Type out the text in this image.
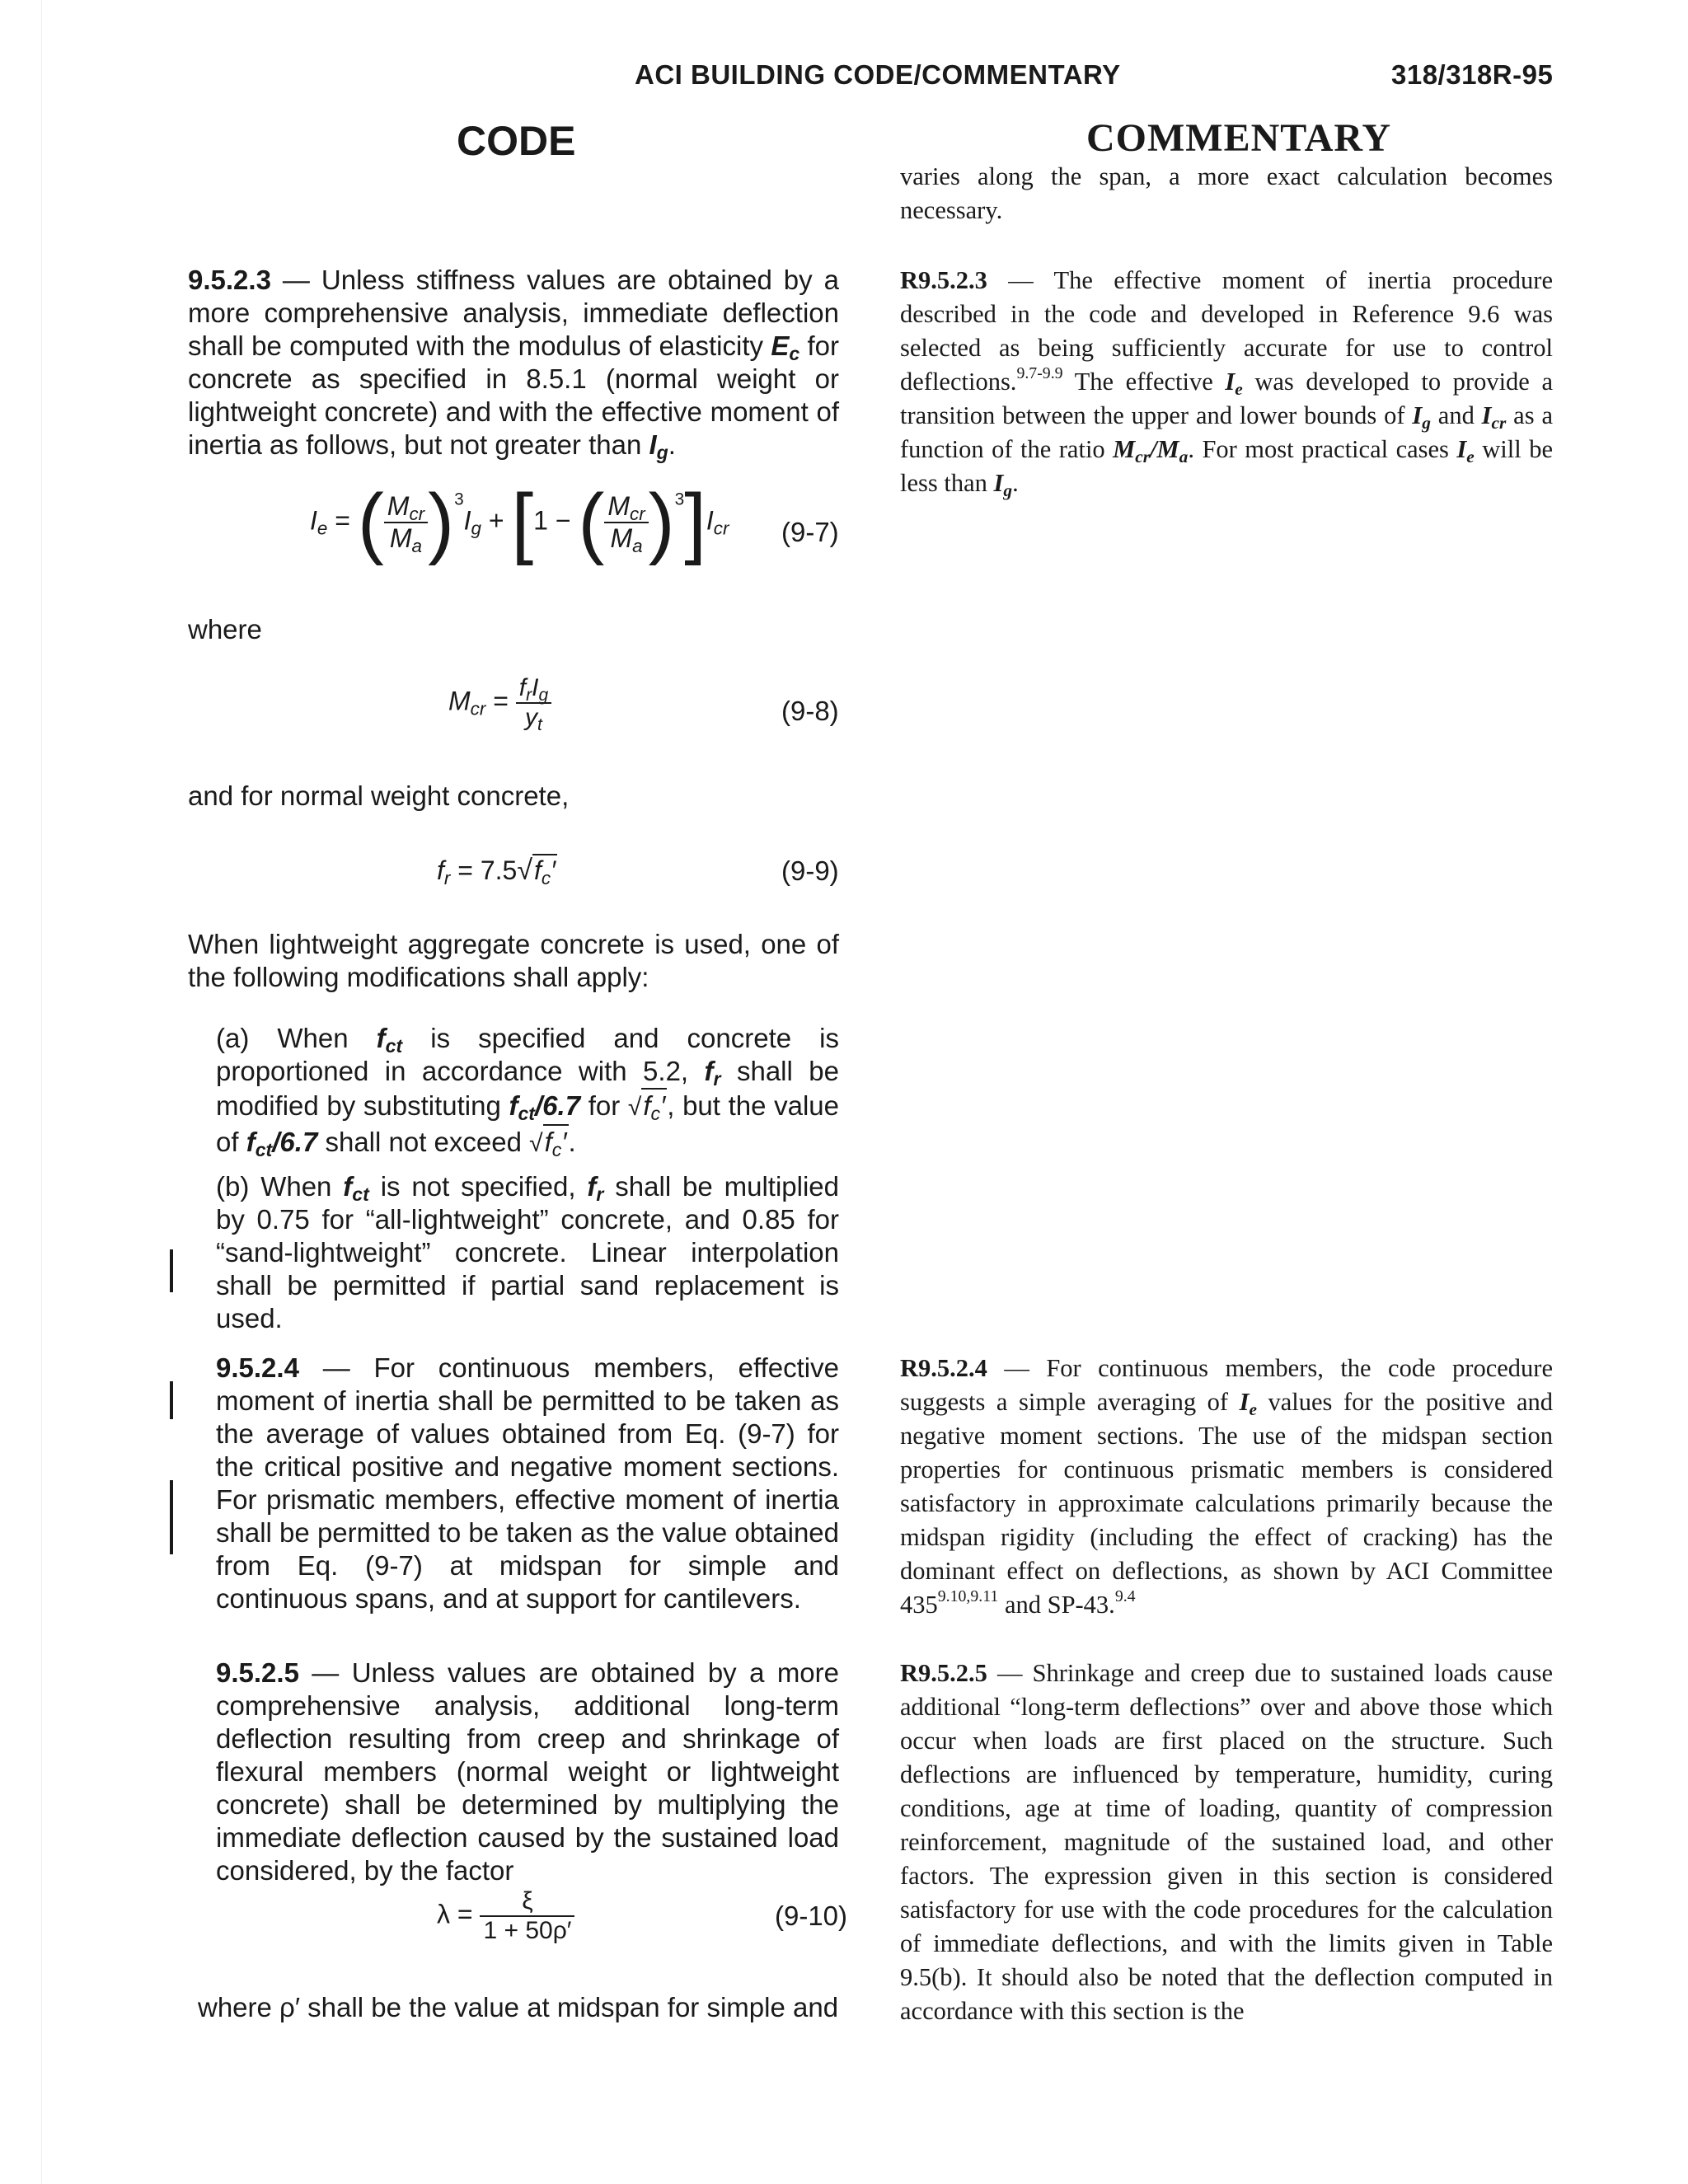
ACI BUILDING CODE/COMMENTARY	318/318R-95
CODE	COMMENTARY

varies along the span, a more exact calculation becomes necessary.

R9.5.2.3 — The effective moment of inertia procedure described in the code and developed in Reference 9.6 was selected as being sufficiently accurate for use to control deflections.$^{9.7-9.9}$ The effective $I_e$ was developed to provide a transition between the upper and lower bounds of $I_g$ and $I_{cr}$ as a function of the ratio $M_{cr}/M_a$. For most practical cases $I_e$ will be less than $I_g$.

R9.5.2.4 — For continuous members, the code procedure suggests a simple averaging of $I_e$ values for the positive and negative moment sections. The use of the midspan section properties for continuous prismatic members is considered satisfactory in approximate calculations primarily because the midspan rigidity (including the effect of cracking) has the dominant effect on deflections, as shown by ACI Committee $435^{9.10,9.11}$ and SP-43.$^{9.4}$

R9.5.2.5 — Shrinkage and creep due to sustained loads cause additional “long-term deflections” over and above those which occur when loads are first placed on the structure. Such deflections are influenced by temperature, humidity, curing conditions, age at time of loading, quantity of compression reinforcement, magnitude of the sustained load, and other factors. The expression given in this section is considered satisfactory for use with the code procedures for the calculation of immediate deflections, and with the limits given in Table 9.5(b). It should also be noted that the deflection computed in accordance with this section is the

9.5.2.3 — Unless stiffness values are obtained by a more comprehensive analysis, immediate deflection shall be computed with the modulus of elasticity $E_c$ for concrete as specified in 8.5.1 (normal weight or lightweight concrete) and with the effective moment of inertia as follows, but not greater than $I_g$.

$I_e$ = ( $\frac{M_{cr}}{M_a} )^3I_g + [1$ − ( $\frac{M_{cr}}{M_a} )^3]I_{cr}$ (9-7)

where

$M_{cr} = \frac{f_rI_g}{y_t}$	(9-8)

and for normal weight concrete,

$f_r = 7.5√f_c'$	(9-9)

When lightweight aggregate concrete is used, one of the following modifications shall apply:

(a) When $f_{ct}$ is specified and concrete is proportioned in accordance with 5.2, $f_r$ shall be modified by substituting $f_{ct}/6.7$ for $√f_c'$, but the value of $f_{ct}/6.7$ shall not exceed $√f_c'$.

(b) When $f_{ct}$ is not specified, $f_r$ shall be multiplied by 0.75 for “all-lightweight” concrete, and 0.85 for “sand-lightweight” concrete. Linear interpolation shall be permitted if partial sand replacement is used.

9.5.2.4 — For continuous members, effective moment of inertia shall be permitted to be taken as the average of values obtained from Eq. (9-7) for the critical positive and negative moment sections. For prismatic members, effective moment of inertia shall be permitted to be taken as the value obtained from Eq. (9-7) at midspan for simple and continuous spans, and at support for cantilevers.

9.5.2.5 — Unless values are obtained by a more comprehensive analysis, additional long-term deflection resulting from creep and shrinkage of flexural members (normal weight or lightweight concrete) shall be determined by multiplying the immediate deflection caused by the sustained load considered, by the factor

$\lambda = \frac{\xi}{1 + 50\rho'}$	(9-10)

where ρ′ shall be the value at midspan for simple and
